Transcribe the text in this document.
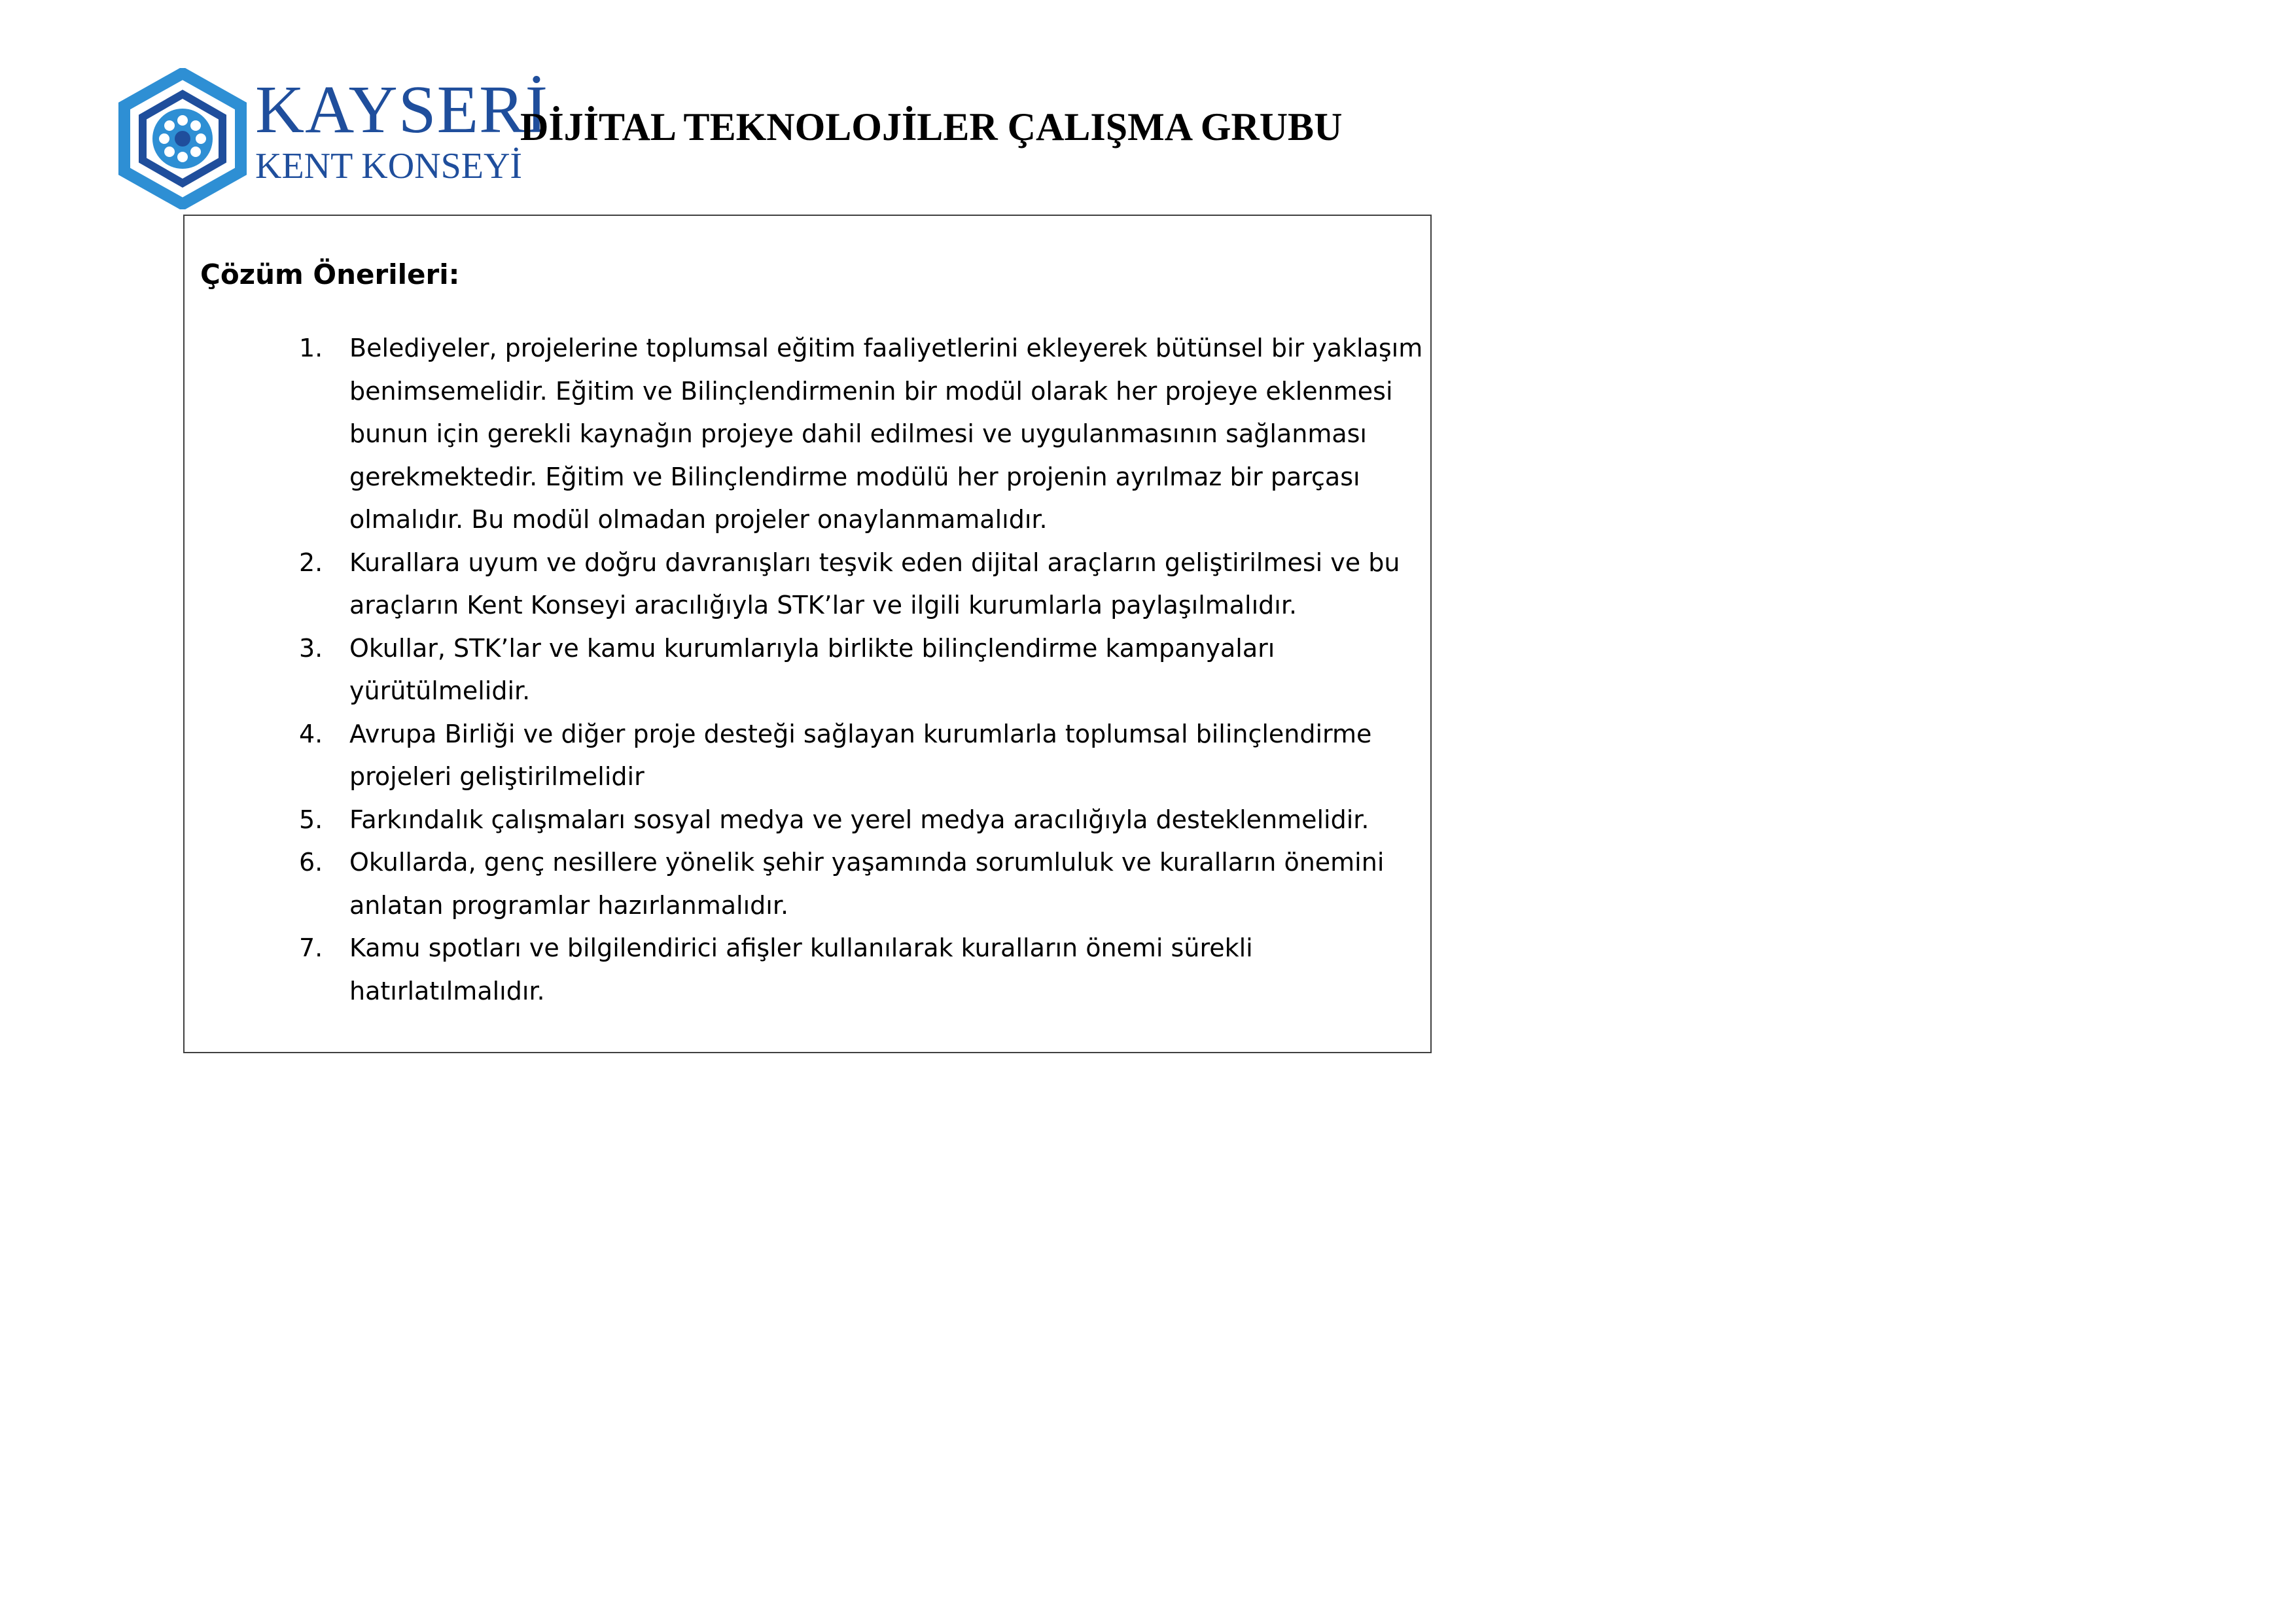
KAYSERİ
KENT KONSEYİ
DİJİTAL TEKNOLOJİLER ÇALIŞMA GRUBU
Çözüm Önerileri:
1. Belediyeler, projelerine toplumsal eğitim faaliyetlerini ekleyerek bütünsel bir yaklaşım
benimsemelidir. Eğitim ve Bilinçlendirmenin bir modül olarak her projeye eklenmesi
bunun için gerekli kaynağın projeye dahil edilmesi ve uygulanmasının sağlanması
gerekmektedir. Eğitim ve Bilinçlendirme modülü her projenin ayrılmaz bir parçası
olmalıdır. Bu modül olmadan projeler onaylanmamalıdır.
2. Kurallara uyum ve doğru davranışları teşvik eden dijital araçların geliştirilmesi ve bu
araçların Kent Konseyi aracılığıyla STK’lar ve ilgili kurumlarla paylaşılmalıdır.
3. Okullar, STK’lar ve kamu kurumlarıyla birlikte bilinçlendirme kampanyaları
yürütülmelidir.
4. Avrupa Birliği ve diğer proje desteği sağlayan kurumlarla toplumsal bilinçlendirme
projeleri geliştirilmelidir
5. Farkındalık çalışmaları sosyal medya ve yerel medya aracılığıyla desteklenmelidir.
6. Okullarda, genç nesillere yönelik şehir yaşamında sorumluluk ve kuralların önemini
anlatan programlar hazırlanmalıdır.
7. Kamu spotları ve bilgilendirici afişler kullanılarak kuralların önemi sürekli
hatırlatılmalıdır.
